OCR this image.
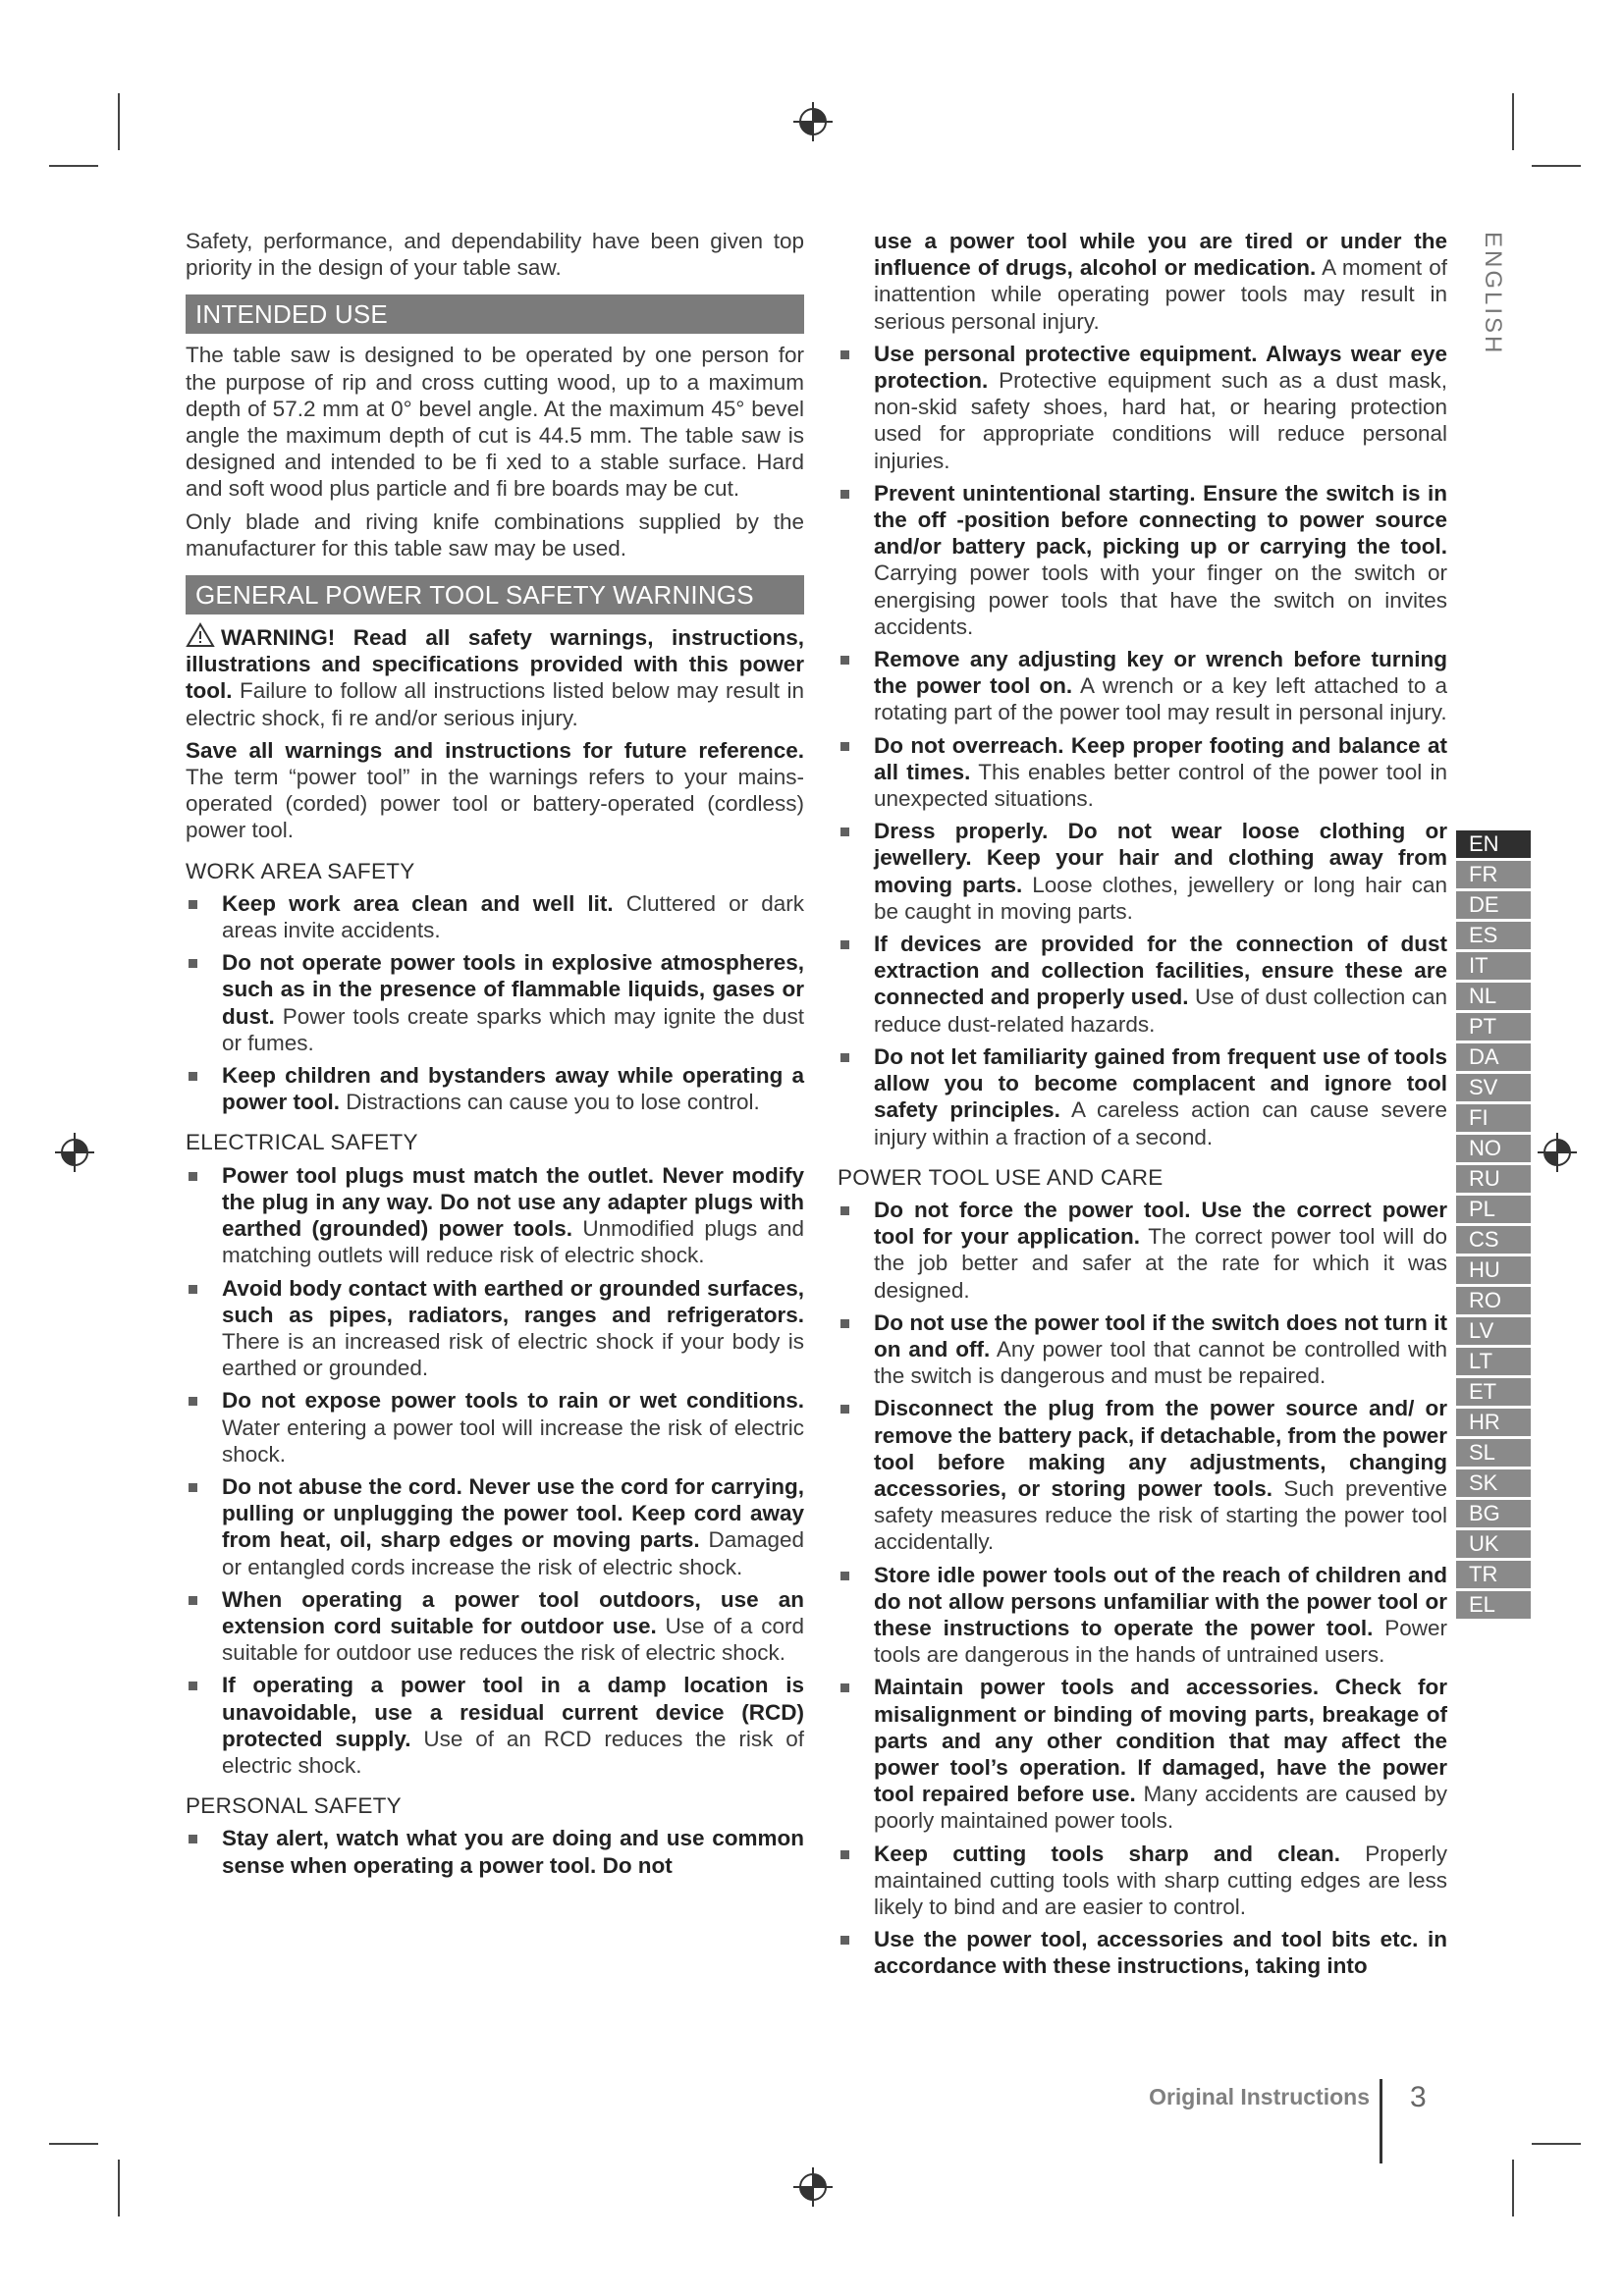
Safety, performance, and dependability have been given top priority in the design of your table saw.

INTENDED USE

The table saw is designed to be operated by one person for the purpose of rip and cross cutting wood, up to a maximum depth of 57.2 mm at 0° bevel angle. At the maximum 45° bevel angle the maximum depth of cut is 44.5 mm. The table saw is designed and intended to be fi xed to a stable surface. Hard and soft wood plus particle and fi bre boards may be cut.

Only blade and riving knife combinations supplied by the manufacturer for this table saw may be used.

GENERAL POWER TOOL SAFETY WARNINGS

WARNING! Read all safety warnings, instructions, illustrations and specifications provided with this power tool. Failure to follow all instructions listed below may result in electric shock, fi re and/or serious injury.

Save all warnings and instructions for future reference. The term “power tool” in the warnings refers to your mains-operated (corded) power tool or battery-operated (cordless) power tool.

WORK AREA SAFETY
Keep work area clean and well lit. Cluttered or dark areas invite accidents.
Do not operate power tools in explosive atmospheres, such as in the presence of flammable liquids, gases or dust. Power tools create sparks which may ignite the dust or fumes.
Keep children and bystanders away while operating a power tool. Distractions can cause you to lose control.
ELECTRICAL SAFETY
Power tool plugs must match the outlet. Never modify the plug in any way. Do not use any adapter plugs with earthed (grounded) power tools. Unmodified plugs and matching outlets will reduce risk of electric shock.
Avoid body contact with earthed or grounded surfaces, such as pipes, radiators, ranges and refrigerators. There is an increased risk of electric shock if your body is earthed or grounded.
Do not expose power tools to rain or wet conditions. Water entering a power tool will increase the risk of electric shock.
Do not abuse the cord. Never use the cord for carrying, pulling or unplugging the power tool. Keep cord away from heat, oil, sharp edges or moving parts. Damaged or entangled cords increase the risk of electric shock.
When operating a power tool outdoors, use an extension cord suitable for outdoor use. Use of a cord suitable for outdoor use reduces the risk of electric shock.
If operating a power tool in a damp location is unavoidable, use a residual current device (RCD) protected supply. Use of an RCD reduces the risk of electric shock.
PERSONAL SAFETY
Stay alert, watch what you are doing and use common sense when operating a power tool. Do not
use a power tool while you are tired or under the influence of drugs, alcohol or medication. A moment of inattention while operating power tools may result in serious personal injury.
Use personal protective equipment. Always wear eye protection. Protective equipment such as a dust mask, non-skid safety shoes, hard hat, or hearing protection used for appropriate conditions will reduce personal injuries.
Prevent unintentional starting. Ensure the switch is in the off -position before connecting to power source and/or battery pack, picking up or carrying the tool. Carrying power tools with your finger on the switch or energising power tools that have the switch on invites accidents.
Remove any adjusting key or wrench before turning the power tool on. A wrench or a key left attached to a rotating part of the power tool may result in personal injury.
Do not overreach. Keep proper footing and balance at all times. This enables better control of the power tool in unexpected situations.
Dress properly. Do not wear loose clothing or jewellery. Keep your hair and clothing away from moving parts. Loose clothes, jewellery or long hair can be caught in moving parts.
If devices are provided for the connection of dust extraction and collection facilities, ensure these are connected and properly used. Use of dust collection can reduce dust-related hazards.
Do not let familiarity gained from frequent use of tools allow you to become complacent and ignore tool safety principles. A careless action can cause severe injury within a fraction of a second.
POWER TOOL USE AND CARE
Do not force the power tool. Use the correct power tool for your application. The correct power tool will do the job better and safer at the rate for which it was designed.
Do not use the power tool if the switch does not turn it on and off. Any power tool that cannot be controlled with the switch is dangerous and must be repaired.
Disconnect the plug from the power source and/ or remove the battery pack, if detachable, from the power tool before making any adjustments, changing accessories, or storing power tools. Such preventive safety measures reduce the risk of starting the power tool accidentally.
Store idle power tools out of the reach of children and do not allow persons unfamiliar with the power tool or these instructions to operate the power tool. Power tools are dangerous in the hands of untrained users.
Maintain power tools and accessories. Check for misalignment or binding of moving parts, breakage of parts and any other condition that may affect the power tool’s operation. If damaged, have the power tool repaired before use. Many accidents are caused by poorly maintained power tools.
Keep cutting tools sharp and clean. Properly maintained cutting tools with sharp cutting edges are less likely to bind and are easier to control.
Use the power tool, accessories and tool bits etc. in accordance with these instructions, taking into
ENGLISH
EN
FR
DE
ES
IT
NL
PT
DA
SV
FI
NO
RU
PL
CS
HU
RO
LV
LT
ET
HR
SL
SK
BG
UK
TR
EL
Original Instructions 3
